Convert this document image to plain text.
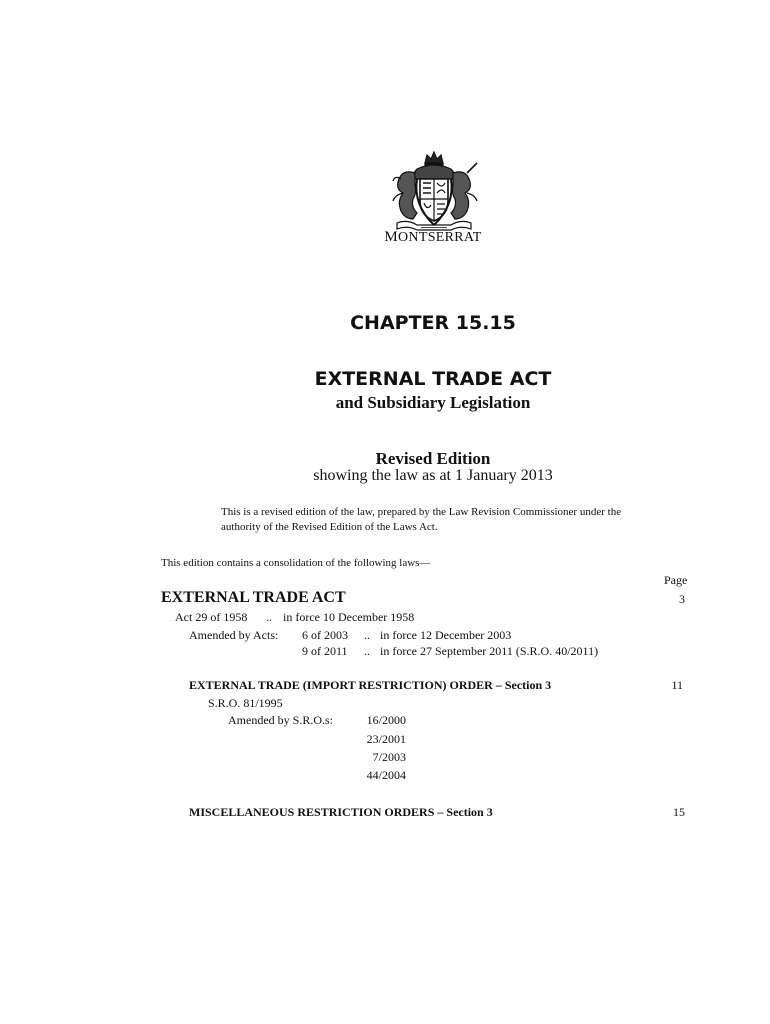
MONTSERRAT
CHAPTER 15.15
EXTERNAL TRADE ACT
and Subsidiary Legislation
Revised Edition
showing the law as at 1 January 2013
This is a revised edition of the law, prepared by the Law Revision Commissioner under the authority of the Revised Edition of the Laws Act.
This edition contains a consolidation of the following laws—
Page
EXTERNAL TRADE ACT	3
Act 29 of 1958 .. in force 10 December 1958
Amended by Acts: 6 of 2003 .. in force 12 December 2003
9 of 2011 .. in force 27 September 2011 (S.R.O. 40/2011)
EXTERNAL TRADE (IMPORT RESTRICTION) ORDER – Section 3	11
S.R.O. 81/1995
Amended by S.R.O.s:	16/2000
23/2001
7/2003
44/2004
MISCELLANEOUS RESTRICTION ORDERS – Section 3	15
